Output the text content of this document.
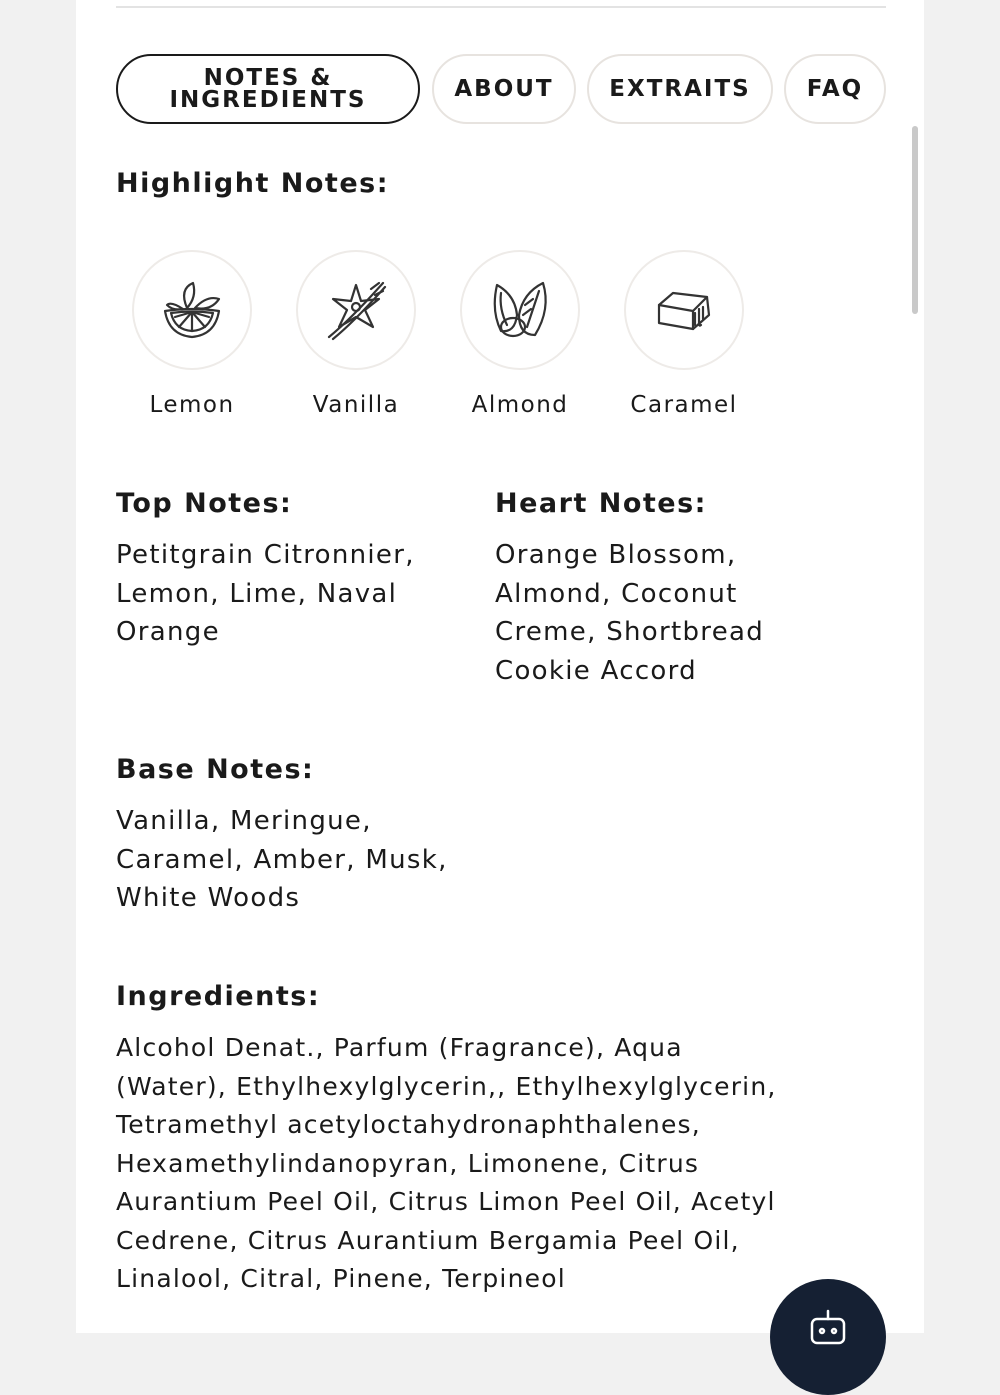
NOTES &
INGREDIENTS	ABOUT EXTRAITS FAQ
Highlight Notes:
Lemon	Vanilla	Almond	Caramel
Top Notes:
Petitgrain Citronnier,
Lemon, Lime, Naval
Orange
Heart Notes:
Orange Blossom,
Almond, Coconut
Creme, Shortbread
Cookie Accord
Base Notes:
Vanilla, Meringue,
Caramel, Amber, Musk,
White Woods
Ingredients:
Alcohol Denat., Parfum (Fragrance), Aqua
(Water), Ethylhexylglycerin,, Ethylhexylglycerin,
Tetramethyl acetyloctahydronaphthalenes,
Hexamethylindanopyran, Limonene, Citrus
Aurantium Peel Oil, Citrus Limon Peel Oil, Acetyl
Cedrene, Citrus Aurantium Bergamia Peel Oil,
Linalool, Citral, Pinene, Terpineol
